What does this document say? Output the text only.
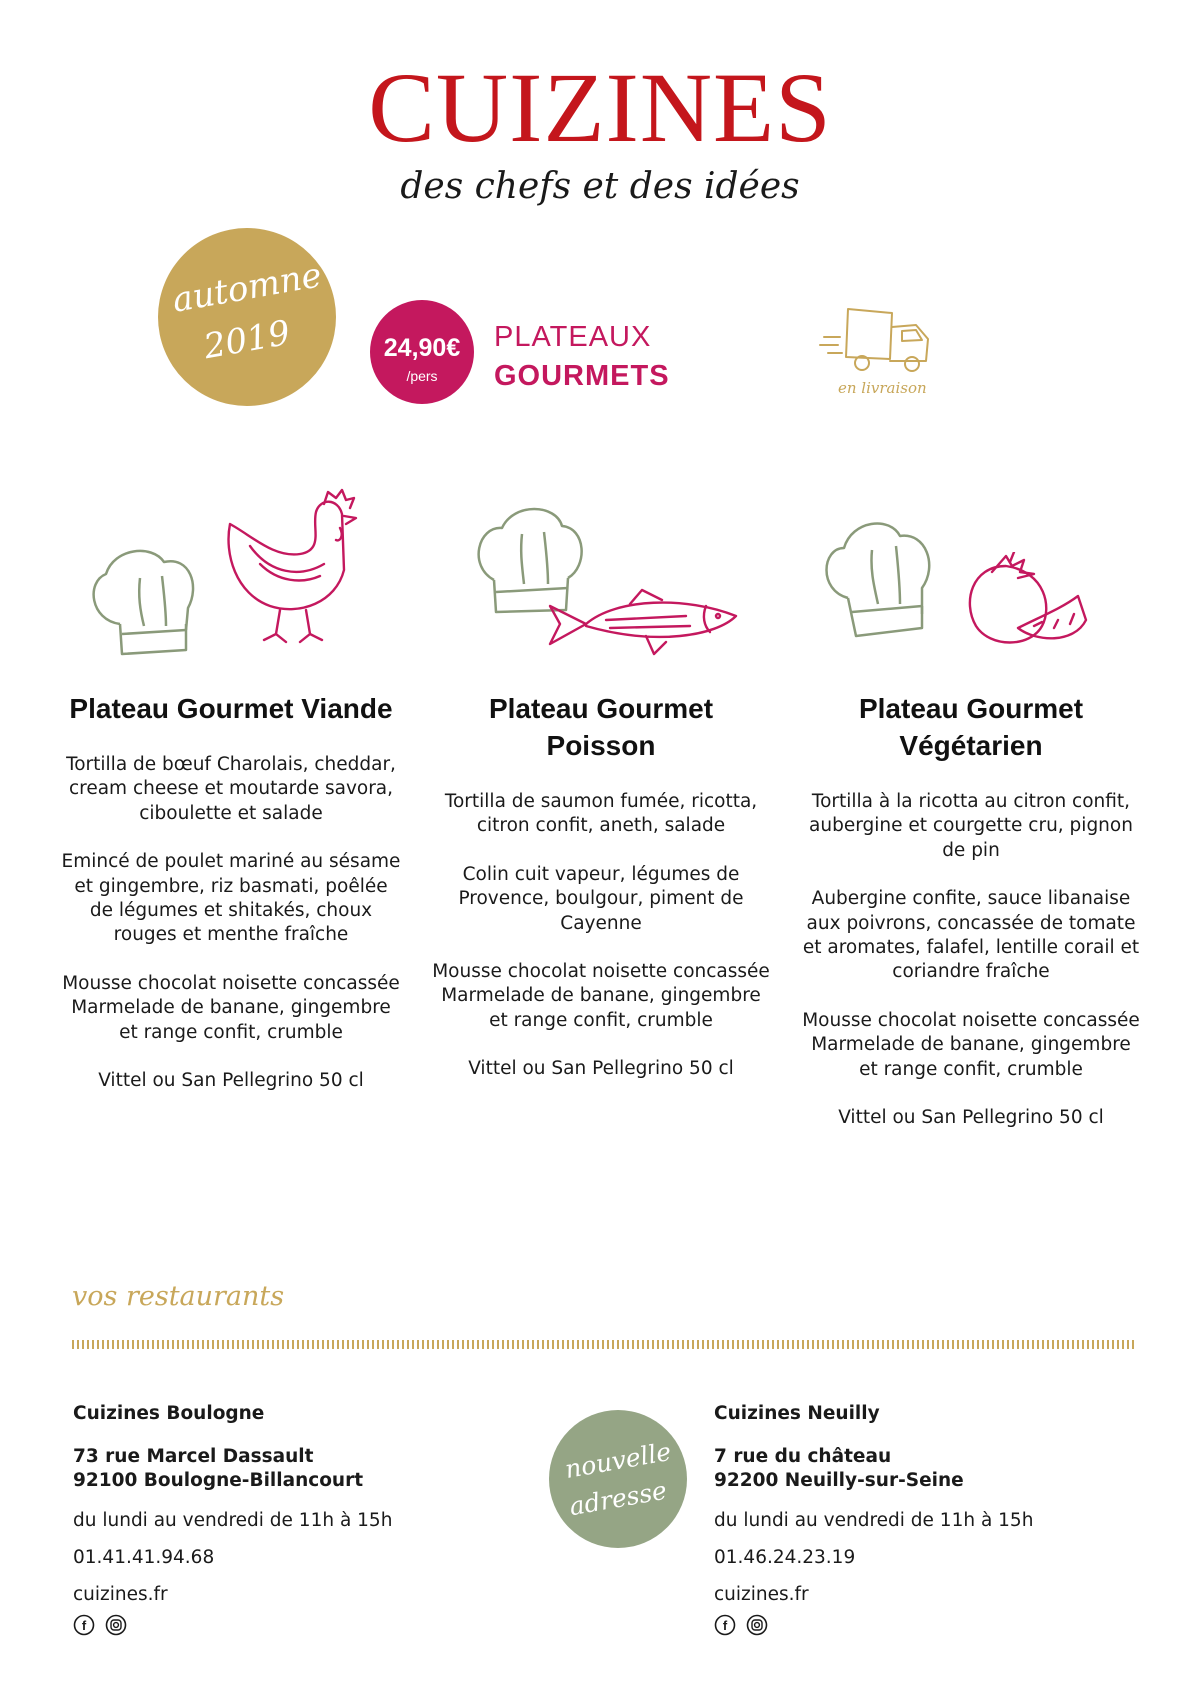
CUIZINES
des chefs et des idées
automne
2019	24,90€
/pers
PLATEAUX
GOURMETS	en livraison
Plateau Gourmet Viande

Tortilla de bœuf Charolais, cheddar, cream cheese et moutarde savora, ciboulette et salade

Emincé de poulet mariné au sésame et gingembre, riz basmati, poêlée de légumes et shitakés, choux rouges et menthe fraîche

Mousse chocolat noisette concassée Marmelade de banane, gingembre et range confit, crumble

Vittel ou San Pellegrino 50 cl

Plateau Gourmet Poisson

Tortilla de saumon fumée, ricotta, citron confit, aneth, salade

Colin cuit vapeur, légumes de Provence, boulgour, piment de Cayenne

Mousse chocolat noisette concassée Marmelade de banane, gingembre et range confit, crumble

Vittel ou San Pellegrino 50 cl

Plateau Gourmet Végétarien

Tortilla à la ricotta au citron confit, aubergine et courgette cru, pignon de pin

Aubergine confite, sauce libanaise aux poivrons, concassée de tomate et aromates, falafel, lentille corail et coriandre fraîche

Mousse chocolat noisette concassée Marmelade de banane, gingembre et range confit, crumble

Vittel ou San Pellegrino 50 cl

vos restaurants
Cuizines Boulogne
73 rue Marcel Dassault
92100 Boulogne-Billancourt
du lundi au vendredi de 11h à 15h
01.41.41.94.68
cuizines.fr
f
nouvelle
adresse
Cuizines Neuilly
7 rue du château
92200 Neuilly-sur-Seine
du lundi au vendredi de 11h à 15h
01.46.24.23.19
cuizines.fr
f
